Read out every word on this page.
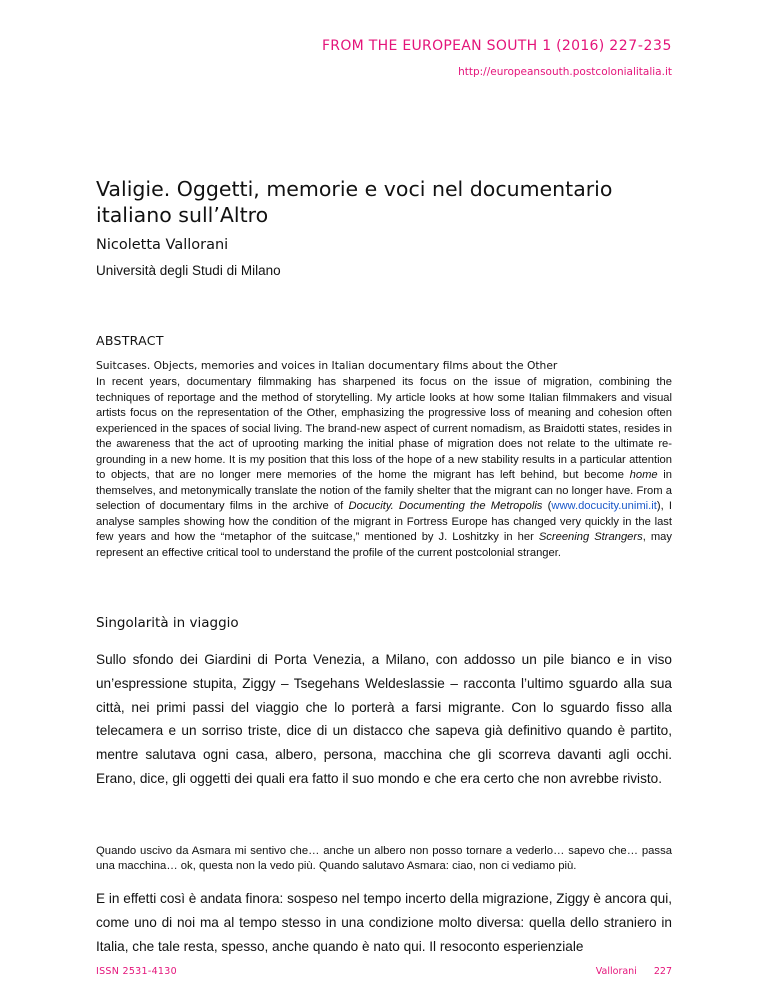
FROM THE EUROPEAN SOUTH 1 (2016) 227-235
http://europeansouth.postcolonialitalia.it
Valigie. Oggetti, memorie e voci nel documentario italiano sull’Altro
Nicoletta Vallorani
Università degli Studi di Milano
ABSTRACT
Suitcases. Objects, memories and voices in Italian documentary films about the Other

In recent years, documentary filmmaking has sharpened its focus on the issue of migration, combining the techniques of reportage and the method of storytelling. My article looks at how some Italian filmmakers and visual artists focus on the representation of the Other, emphasizing the progressive loss of meaning and cohesion often experienced in the spaces of social living. The brand-new aspect of current nomadism, as Braidotti states, resides in the awareness that the act of uprooting marking the initial phase of migration does not relate to the ultimate re-grounding in a new home. It is my position that this loss of the hope of a new stability results in a particular attention to objects, that are no longer mere memories of the home the migrant has left behind, but become home in themselves, and metonymically translate the notion of the family shelter that the migrant can no longer have. From a selection of documentary films in the archive of Docucity. Documenting the Metropolis (www.docucity.unimi.it), I analyse samples showing how the condition of the migrant in Fortress Europe has changed very quickly in the last few years and how the “metaphor of the suitcase,” mentioned by J. Loshitzky in her Screening Strangers, may represent an effective critical tool to understand the profile of the current postcolonial stranger.

Singolarità in viaggio

Sullo sfondo dei Giardini di Porta Venezia, a Milano, con addosso un pile bianco e in viso un’espressione stupita, Ziggy – Tsegehans Weldeslassie – racconta l’ultimo sguardo alla sua città, nei primi passi del viaggio che lo porterà a farsi migrante. Con lo sguardo fisso alla telecamera e un sorriso triste, dice di un distacco che sapeva già definitivo quando è partito, mentre salutava ogni casa, albero, persona, macchina che gli scorreva davanti agli occhi. Erano, dice, gli oggetti dei quali era fatto il suo mondo e che era certo che non avrebbe rivisto.

Quando uscivo da Asmara mi sentivo che… anche un albero non posso tornare a vederlo… sapevo che… passa una macchina… ok, questa non la vedo più. Quando salutavo Asmara: ciao, non ci vediamo più.

E in effetti così è andata finora: sospeso nel tempo incerto della migrazione, Ziggy è ancora qui, come uno di noi ma al tempo stesso in una condizione molto diversa: quella dello straniero in Italia, che tale resta, spesso, anche quando è nato qui. Il resoconto esperienziale

ISSN 2531-4130	Vallorani 227
